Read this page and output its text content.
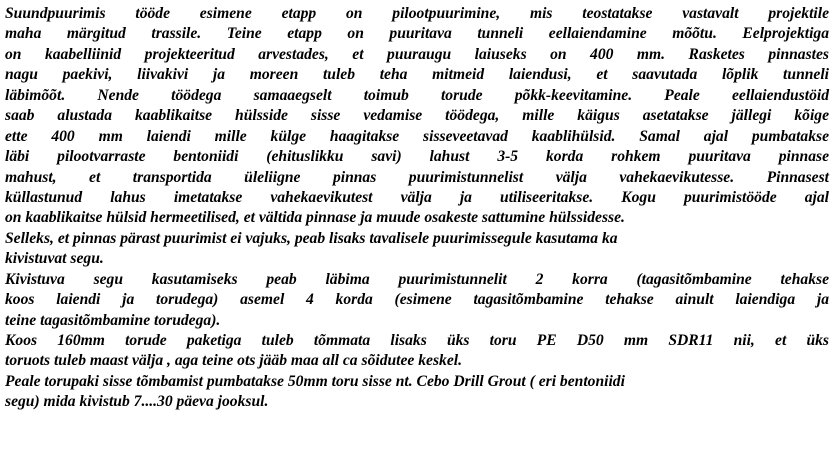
Suundpuurimis tööde esimene etapp on pilootpuurimine, mis teostatakse vastavalt projektile
maha märgitud trassile. Teine etapp on puuritava tunneli eellaiendamine mõõtu. Eelprojektiga
on kaabelliinid projekteeritud arvestades, et puuraugu laiuseks on 400 mm. Rasketes pinnastes
nagu paekivi, liivakivi ja moreen tuleb teha mitmeid laiendusi, et saavutada lõplik tunneli
läbimõõt. Nende töödega samaaegselt toimub torude põkk-keevitamine. Peale eellaiendustöid
saab alustada kaablikaitse hülsside sisse vedamise töödega, mille käigus asetatakse jällegi kõige
ette 400 mm laiendi mille külge haagitakse sisseveetavad kaablihülsid. Samal ajal pumbatakse
läbi pilootvarraste bentoniidi (ehituslikku savi) lahust 3-5 korda rohkem puuritava pinnase
mahust, et transportida üleliigne pinnas puurimistunnelist välja vahekaevikutesse. Pinnasest
küllastunud lahus imetatakse vahekaevikutest välja ja utiliseeritakse. Kogu puurimistööde ajal
on kaablikaitse hülsid hermeetilised, et vältida pinnase ja muude osakeste sattumine hülssidesse.
Selleks, et pinnas pärast puurimist ei vajuks, peab lisaks tavalisele puurimissegule kasutama ka
kivistuvat segu.
Kivistuva segu kasutamiseks peab läbima puurimistunnelit 2 korra (tagasitõmbamine tehakse
koos laiendi ja torudega) asemel 4 korda (esimene tagasitõmbamine tehakse ainult laiendiga ja
teine tagasitõmbamine torudega).
Koos 160mm torude paketiga tuleb tõmmata lisaks üks toru PE D50 mm SDR11 nii, et üks
toruots tuleb maast välja , aga teine ots jääb maa all ca sõidutee keskel.
Peale torupaki sisse tõmbamist pumbatakse 50mm toru sisse nt. Cebo Drill Grout ( eri bentoniidi
segu) mida kivistub 7....30 päeva jooksul.
